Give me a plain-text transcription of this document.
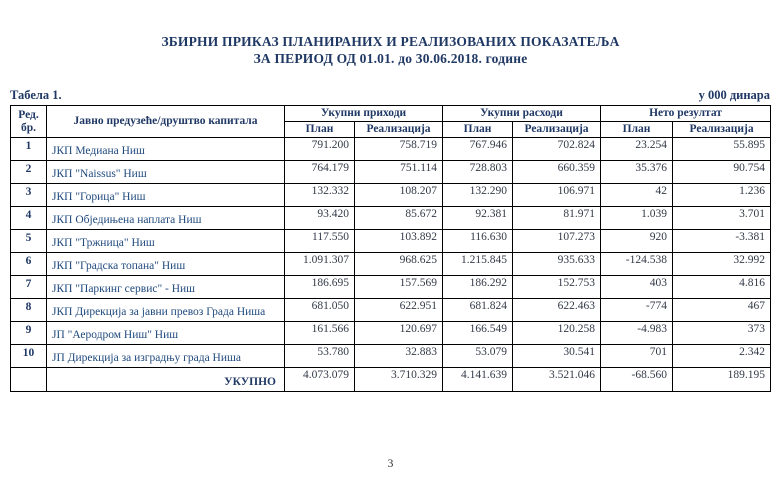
ЗБИРНИ ПРИКАЗ ПЛАНИРАНИХ И РЕАЛИЗОВАНИХ ПОКАЗАТЕЉА
ЗА ПЕРИОД ОД 01.01. до 30.06.2018. године
Табела 1.	у 000 динара
Ред.
бр.	Јавно предузеће/друштво капитала	Укупни приходи		Укупни расходи		Нето резултат	
		План	Реализација	План	Реализација	План	Реализација
1	ЈКП Медиана Ниш	791.200	758.719	767.946	702.824	23.254	55.895
2	ЈКП "Naissus" Ниш	764.179	751.114	728.803	660.359	35.376	90.754
3	ЈКП "Горица" Ниш	132.332	108.207	132.290	106.971	42	1.236
4	ЈКП Обједињена наплата Ниш	93.420	85.672	92.381	81.971	1.039	3.701
5	ЈКП "Тржница" Ниш	117.550	103.892	116.630	107.273	920	-3.381
6	ЈКП "Градска топана" Ниш	1.091.307	968.625	1.215.845	935.633	-124.538	32.992
7	ЈКП "Паркинг сервис" - Ниш	186.695	157.569	186.292	152.753	403	4.816
8	ЈКП Дирекција за јавни превоз Града Ниша	681.050	622.951	681.824	622.463	-774	467
9	ЈП "Аеродром Ниш" Ниш	161.566	120.697	166.549	120.258	-4.983	373
10	ЈП Дирекција за изградњу града Ниша	53.780	32.883	53.079	30.541	701	2.342
	УКУПНО	4.073.079	3.710.329	4.141.639	3.521.046	-68.560	189.195
3
